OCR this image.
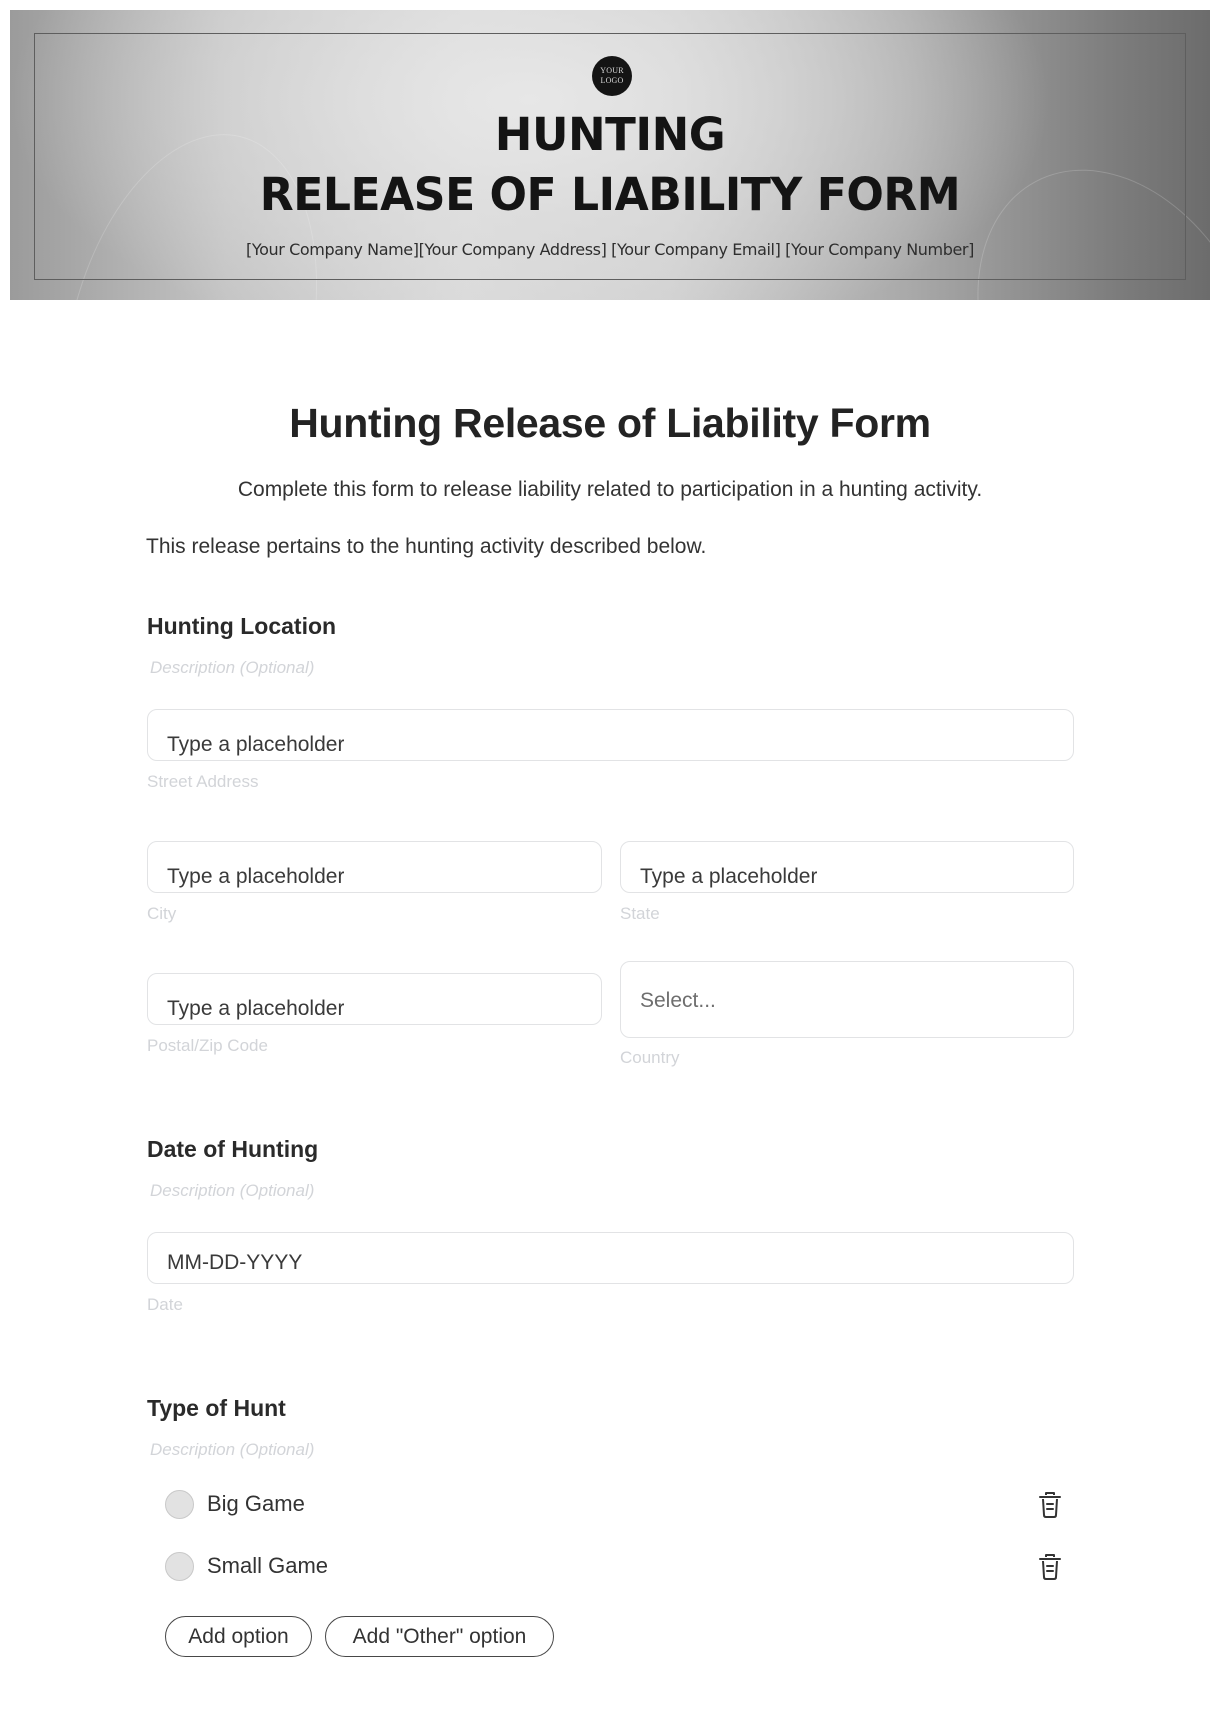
YOUR
LOGO
HUNTING
RELEASE OF LIABILITY FORM
[Your Company Name][Your Company Address] [Your Company Email] [Your Company Number]
Hunting Release of Liability Form

Complete this form to release liability related to participation in a hunting activity.

This release pertains to the hunting activity described below.

Hunting Location
Description (Optional)
Type a placeholder
Street Address
Type a placeholder
City
Type a placeholder
State
Type a placeholder
Postal/Zip Code
Select...
Country
Date of Hunting
Description (Optional)
MM-DD-YYYY
Date
Type of Hunt
Description (Optional)
Big Game
Small Game
Add option	Add "Other" option
